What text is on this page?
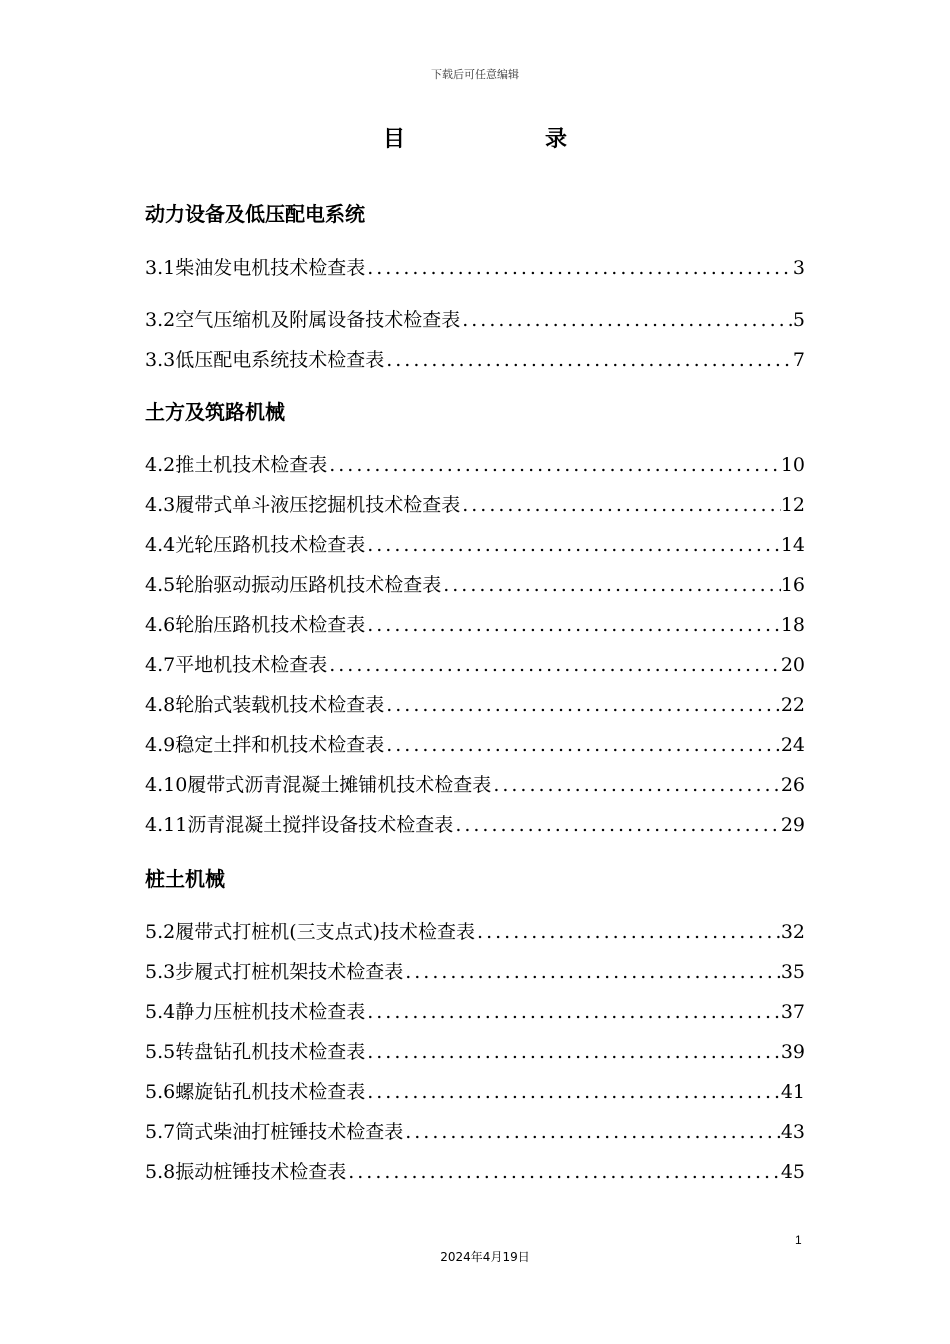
下载后可任意编辑
目	录
动力设备及低压配电系统
3.1柴油发电机技术检查表 .....	3
3.2空气压缩机及附属设备技术检查表 .....	5
3.3低压配电系统技术检查表 .....	7
土方及筑路机械
4.2推土机技术检查表 .....	10
4.3履带式单斗液压挖掘机技术检查表 .....	12
4.4光轮压路机技术检查表 .....	14
4.5轮胎驱动振动压路机技术检查表 .....	16
4.6轮胎压路机技术检查表 .....	18
4.7平地机技术检查表 .....	20
4.8轮胎式装载机技术检查表 .....	22
4.9稳定土拌和机技术检查表 .....	24
4.10履带式沥青混凝土摊铺机技术检查表 .....	26
4.11沥青混凝土搅拌设备技术检查表 .....	29
桩土机械
5.2履带式打桩机(三支点式)技术检查表 .....	32
5.3步履式打桩机架技术检查表 .....	35
5.4静力压桩机技术检查表 .....	37
5.5转盘钻孔机技术检查表 .....	39
5.6螺旋钻孔机技术检查表 .....	41
5.7筒式柴油打桩锤技术检查表 .....	43
5.8振动桩锤技术检查表 .....	45
1
2024年4月19日
